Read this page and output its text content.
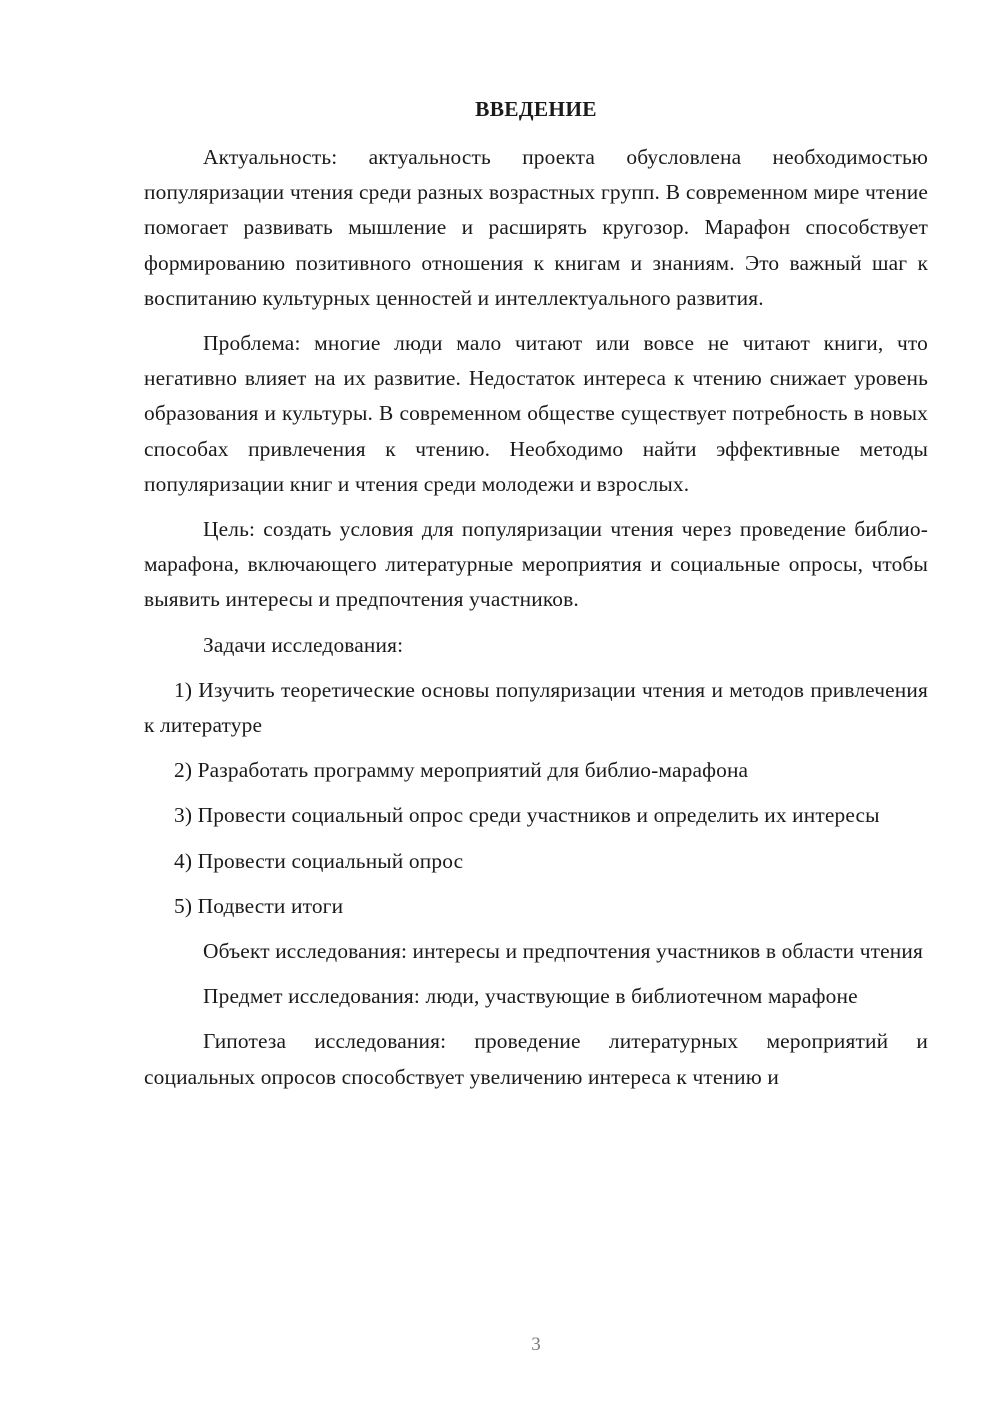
ВВЕДЕНИЕ

Актуальность: актуальность проекта обусловлена необходимостью популяризации чтения среди разных возрастных групп. В современном мире чтение помогает развивать мышление и расширять кругозор. Марафон способствует формированию позитивного отношения к книгам и знаниям. Это важный шаг к воспитанию культурных ценностей и интеллектуального развития.

Проблема: многие люди мало читают или вовсе не читают книги, что негативно влияет на их развитие. Недостаток интереса к чтению снижает уровень образования и культуры. В современном обществе существует потребность в новых способах привлечения к чтению. Необходимо найти эффективные методы популяризации книг и чтения среди молодежи и взрослых.

Цель: создать условия для популяризации чтения через проведение библио-марафона, включающего литературные мероприятия и социальные опросы, чтобы выявить интересы и предпочтения участников.

Задачи исследования:

1) Изучить теоретические основы популяризации чтения и методов привлечения к литературе

2) Разработать программу мероприятий для библио-марафона

3) Провести социальный опрос среди участников и определить их интересы

4) Провести социальный опрос

5) Подвести итоги

Объект исследования: интересы и предпочтения участников в области чтения

Предмет исследования: люди, участвующие в библиотечном марафоне

Гипотеза исследования: проведение литературных мероприятий и социальных опросов способствует увеличению интереса к чтению и

3
